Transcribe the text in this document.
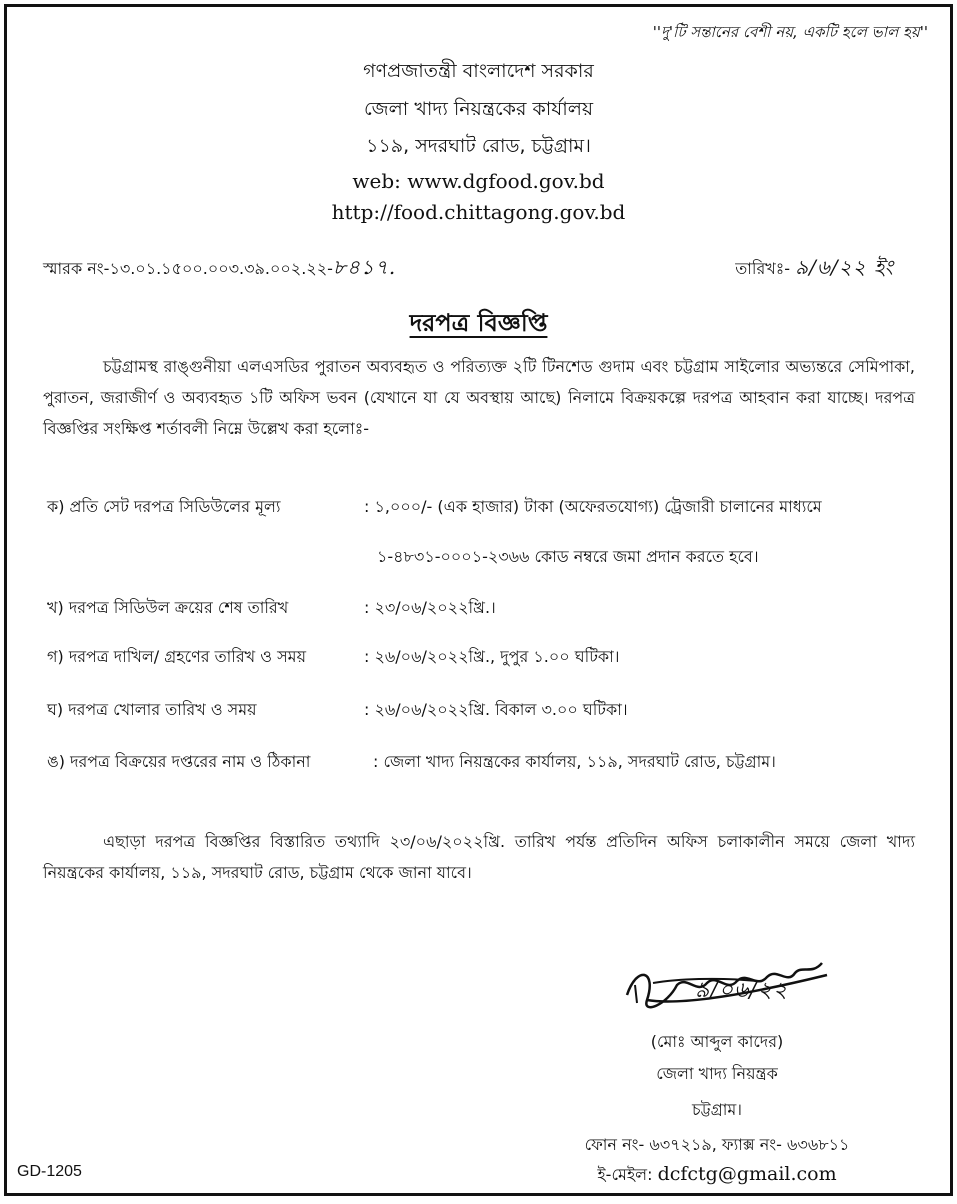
''দু'টি সন্তানের বেশী নয়, একটি হলে ভাল হয়''
গণপ্রজাতন্ত্রী বাংলাদেশ সরকার
জেলা খাদ্য নিয়ন্ত্রকের কার্যালয়
১১৯, সদরঘাট রোড, চট্টগ্রাম।
web: www.dgfood.gov.bd
http://food.chittagong.gov.bd
স্মারক নং-১৩.০১.১৫০০.০০৩.৩৯.০০২.২২-৮৪১৭.	তারিখঃ- ৯/৬/২২ ইং
দরপত্র বিজ্ঞপ্তি
চট্টগ্রামস্থ রাঙ্গুনীয়া এলএসডির পুরাতন অব্যবহৃত ও পরিত্যক্ত ২টি টিনশেড গুদাম এবং চট্টগ্রাম সাইলোর অভ্যন্তরে সেমিপাকা, পুরাতন, জরাজীর্ণ ও অব্যবহৃত ১টি অফিস ভবন (যেখানে যা যে অবস্থায় আছে) নিলামে বিক্রয়কল্পে দরপত্র আহবান করা যাচ্ছে। দরপত্র বিজ্ঞপ্তির সংক্ষিপ্ত শর্তাবলী নিম্নে উল্লেখ করা হলোঃ-
ক) প্রতি সেট দরপত্র সিডিউলের মূল্য	: ১,০০০/- (এক হাজার) টাকা (অফেরতযোগ্য) ট্রেজারী চালানের মাধ্যমে
১-৪৮৩১-০০০১-২৩৬৬ কোড নম্বরে জমা প্রদান করতে হবে।
খ) দরপত্র সিডিউল ক্রয়ের শেষ তারিখ	: ২৩/০৬/২০২২খ্রি.।
গ) দরপত্র দাখিল/ গ্রহণের তারিখ ও সময়	: ২৬/০৬/২০২২খ্রি., দুপুর ১.০০ ঘটিকা।
ঘ) দরপত্র খোলার তারিখ ও সময়	: ২৬/০৬/২০২২খ্রি. বিকাল ৩.০০ ঘটিকা।
ঙ) দরপত্র বিক্রয়ের দপ্তরের নাম ও ঠিকানা	: জেলা খাদ্য নিয়ন্ত্রকের কার্যালয়, ১১৯, সদরঘাট রোড, চট্টগ্রাম।
এছাড়া দরপত্র বিজ্ঞপ্তির বিস্তারিত তথ্যাদি ২৩/০৬/২০২২খ্রি. তারিখ পর্যন্ত প্রতিদিন অফিস চলাকালীন সময়ে জেলা খাদ্য নিয়ন্ত্রকের কার্যালয়, ১১৯, সদরঘাট রোড, চট্টগ্রাম থেকে জানা যাবে।
৯/০৬/২২
(মোঃ আব্দুল কাদের)
জেলা খাদ্য নিয়ন্ত্রক
চট্টগ্রাম।
ফোন নং- ৬৩৭২১৯, ফ্যাক্স নং- ৬৩৬৮১১
ই-মেইল: dcfctg@gmail.com
GD-1205
